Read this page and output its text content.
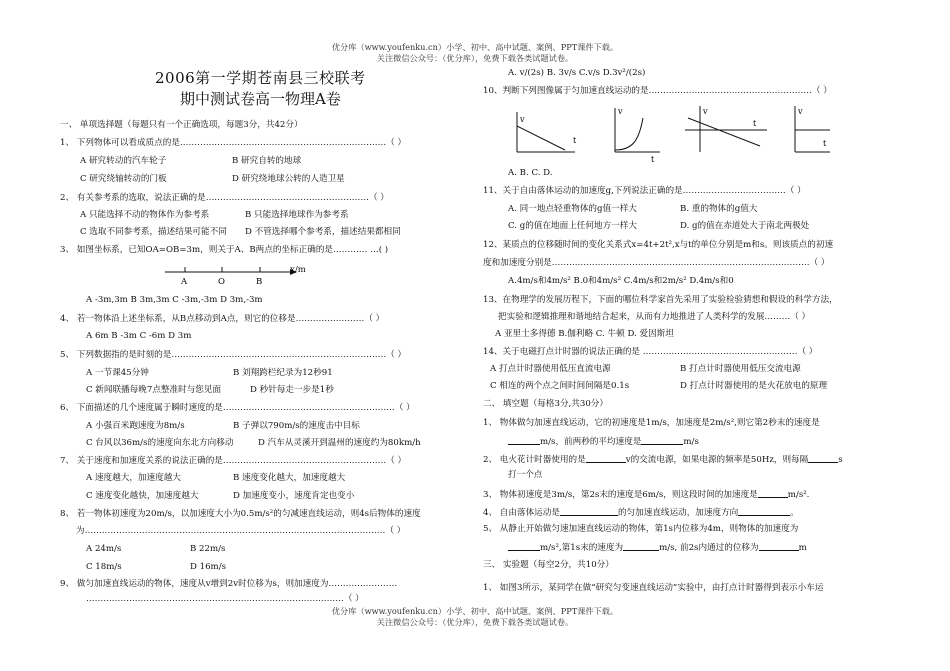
优分库（www.youfenku.cn）小学、初中、高中试题、案例、PPT课件下载。
关注微信公众号：（优分库），免费下载各类试题试卷。
2006第一学期苍南县三校联考
期中测试卷高一物理A卷
一、 单项选择题（每题只有一个正确选项，每题3分，共42分）
1、 下列物体可以看成质点的是………………………………………………………………（ ）
A 研究转动的汽车轮子	B 研究自转的地球
C 研究绕轴转动的门板	D 研究绕地球公转的人造卫星
2、 有关参考系的选取，说法正确的是…………………………………………………（ ）
A 只能选择不动的物体作为参考系	B 只能选择地球作为参考系
C 选取不同参考系，描述结果可能不同 D 不管选择哪个参考系，描述结果都相同
3、 如图坐标系，已知OA=OB=3m，则关于A、B两点的坐标正确的是………… …( )
A	O	B
x/m
A -3m,3m B 3m,3m C -3m,-3m D 3m,-3m
4、 若一物体沿上述坐标系，从B点移动到A点，则它的位移是……………………（ ）
A 6m B -3m C -6m D 3m
5、 下列数据指的是时刻的是…………………………………………………………………（ ）
A 一节课45分钟	B 刘翔跨栏纪录为12秒91
C 新闻联播每晚7点整准时与您见面	D 秒针每走一步是1秒
6、 下面描述的几个速度属于瞬时速度的是……………………………………………………（ ）
A 小强百米跑速度为8m/s	B 子弹以790m/s的速度击中目标
C 台风以36m/s的速度向东北方向移动	D 汽车从灵溪开到温州的速度约为80km/h
7、 关于速度和加速度关系的说法正确的是…………………………………………………（ ）
A 速度越大，加速度越大	B 速度变化越大，加速度越大
C 速度变化越快，加速度越大	D 加速度变小，速度肯定也变小
8、 若一物体初速度为20m/s，以加速度大小为0.5m/s²的匀减速直线运动，则4s后物体的速度
为……………………………………………………………………………………………（ ）
A 24m/s	B 22m/s
C 18m/s	D 16m/s
9、 做匀加速直线运动的物体，速度从v增到2v时位移为s，则加速度为……………………
………………………………………………………………………………（ ）
A. v/(2s) B. 3v/s C.v/s D.3v²/(2s)
10、判断下列图像属于匀加速直线运动的是…………………………………………………（ ）
v
t
v
t
v
t
v
t
A. B. C. D.
11、关于自由落体运动的加速度g,下列说法正确的是………………………………（ ）
A. 同一地点轻重物体的g值一样大	B. 重的物体的g值大
C. g的值在地面上任何地方一样大	D. g的值在赤道处大于南北两极处
12、某质点的位移随时间的变化关系式x=4t+2t²,x与t的单位分别是m和s。则该质点的初速
度和加速度分别是………………………………………………………………………………（ ）
A.4m/s和4m/s² B.0和4m/s² C.4m/s和2m/s² D.4m/s和0
13、在物理学的发展历程下，下面的哪位科学家首先采用了实验检验猜想和假设的科学方法，
把实验和逻辑推理和谐地结合起来，从而有力地推进了人类科学的发展………（ ）
A 亚里士多得德 B.伽利略 C. 牛顿 D. 爱因斯坦
14、关于电磁打点计时器的说法正确的是 ………………………………………………（ ）
A 打点计时器使用低压直流电源	B 打点计时器使用低压交流电源
C 相连的两个点之间时间间隔是0.1s	D 打点计时器使用的是火花放电的原理
二、 填空题（每格3分,共30分）
1、 物体做匀加速直线运动，它的初速度是1m/s，加速度是2m/s²,则它第2秒末的速度是
m/s，前两秒的平均速度是	m/s
2、 电火花计时器使用的是	v的交流电源，如果电源的频率是50Hz，则每隔	s
打一个点
3、 物体初速度是3m/s，第2s末的速度是6m/s，则这段时间的加速度是	m/s².
4、 自由落体运动是	的匀加速直线运动，加速度方向	。
5、 从静止开始做匀速加速直线运动的物体，第1s内位移为4m，则物体的加速度为
m/s²,第1s末的速度为	m/s, 前2s内通过的位移为	m
三、 实验题（每空2分，共10分）
1、 如图3所示，某同学在做“研究匀变速直线运动”实验中，由打点计时器得到表示小车运
优分库（www.youfenku.cn）小学、初中、高中试题、案例、PPT课件下载。
关注微信公众号：（优分库），免费下载各类试题试卷。
